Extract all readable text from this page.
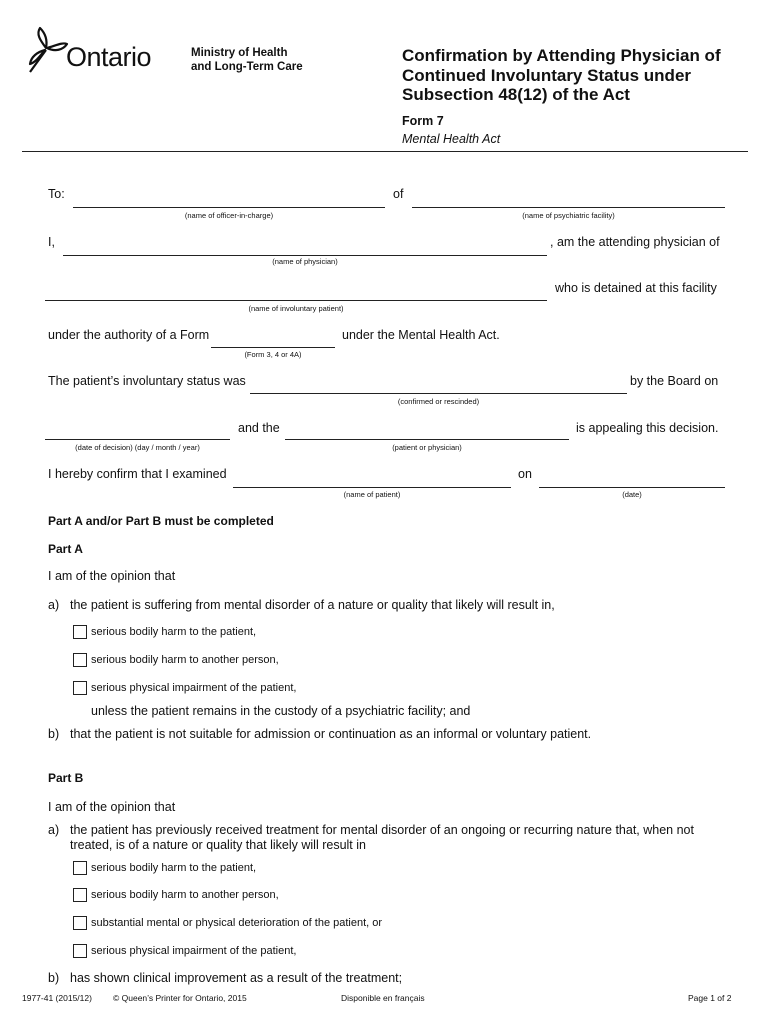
Ontario	Ministry of Health
and Long-Term Care
Confirmation by Attending Physician of
Continued Involuntary Status under
Subsection 48(12) of the Act
Form 7
Mental Health Act
To:
(name of officer-in-charge)
of
(name of psychiatric facility)
I,	, am the attending physician of
(name of physician)
who is detained at this facility
(name of involuntary patient)
under the authority of a Form
(Form 3, 4 or 4A)
under the Mental Health Act.
The patient’s involuntary status was
(confirmed or rescinded)
by the Board on
(date of decision) (day / month / year)
and the
(patient or physician)
is appealing this decision.
I hereby confirm that I examined
(name of patient)
on
(date)
Part A and/or Part B must be completed
Part A
I am of the opinion that
a) the patient is suffering from mental disorder of a nature or quality that likely will result in,
serious bodily harm to the patient,
serious bodily harm to another person,
serious physical impairment of the patient,
unless the patient remains in the custody of a psychiatric facility; and
b) that the patient is not suitable for admission or continuation as an informal or voluntary patient.
Part B
I am of the opinion that
a) the patient has previously received treatment for mental disorder of an ongoing or recurring nature that, when not
treated, is of a nature or quality that likely will result in
serious bodily harm to the patient,
serious bodily harm to another person,
substantial mental or physical deterioration of the patient, or
serious physical impairment of the patient,
b) has shown clinical improvement as a result of the treatment;
1977-41 (2015/12) © Queen’s Printer for Ontario, 2015	Disponible en français	Page 1 of 2
